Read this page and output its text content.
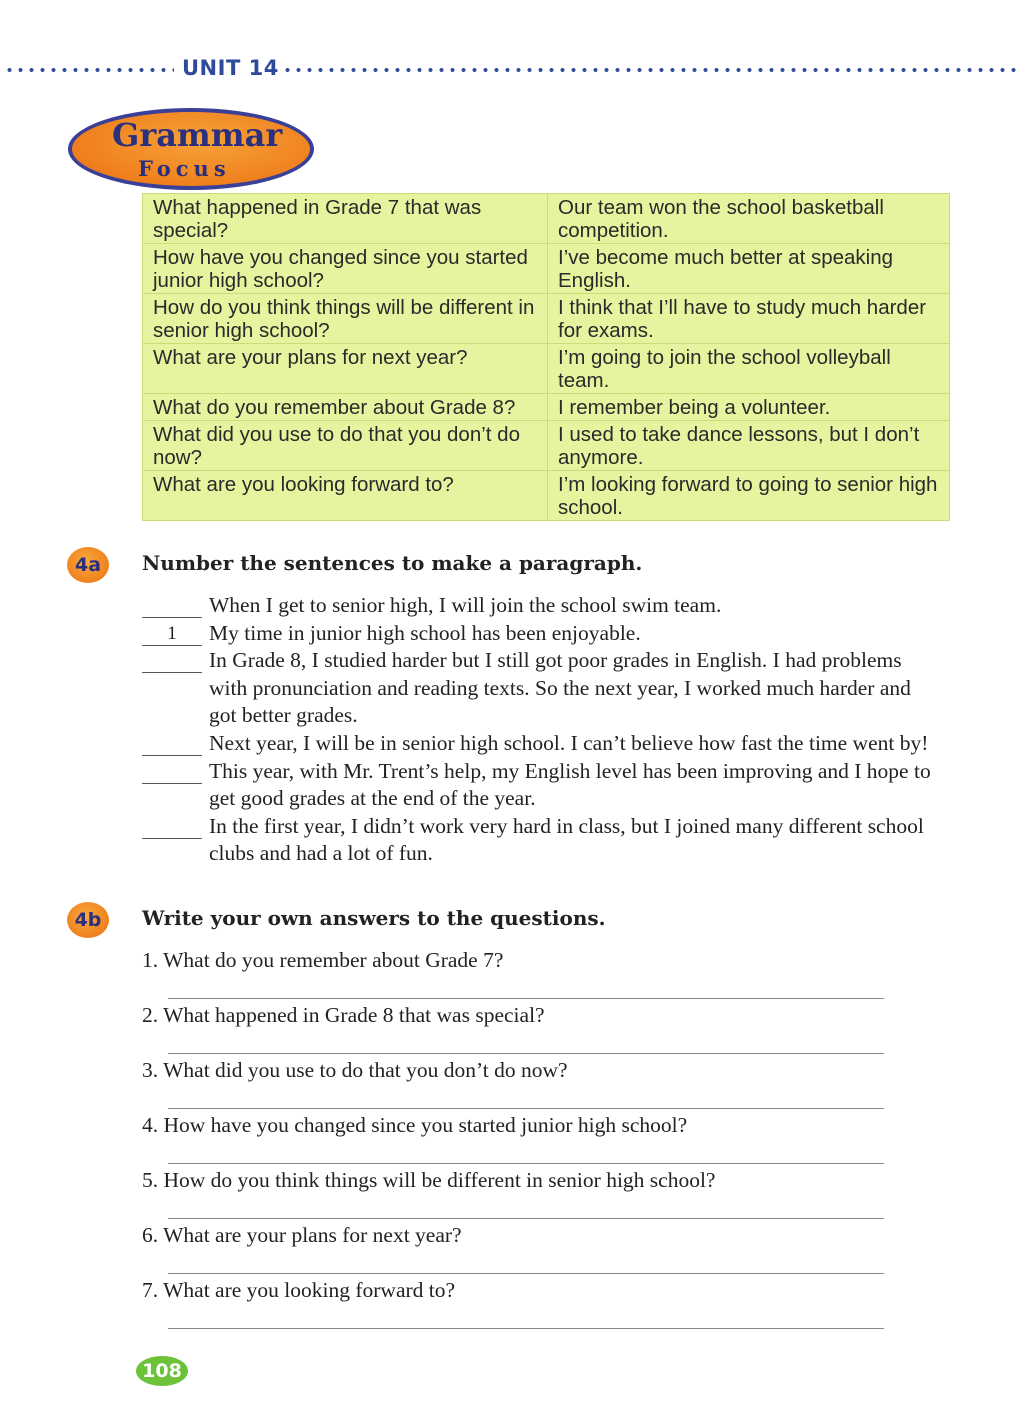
UNIT 14
Grammar
Focus
What happened in Grade 7 that was special?	Our team won the school basketball competition.
How have you changed since you started junior high school?	I’ve become much better at speaking English.
How do you think things will be different in senior high school?	I think that I’ll have to study much harder for exams.
What are your plans for next year?	I’m going to join the school volleyball team.
What do you remember about Grade 8?	I remember being a volunteer.
What did you use to do that you don’t do now?	I used to take dance lessons, but I don’t anymore.
What are you looking forward to?	I’m looking forward to going to senior high school.
4a	Number the sentences to make a paragraph.
When I get to senior high, I will join the school swim team.
1	My time in junior high school has been enjoyable.
In Grade 8, I studied harder but I still got poor grades in English. I had problems with pronunciation and reading texts. So the next year, I worked much harder and got better grades.
Next year, I will be in senior high school. I can’t believe how fast the time went by!
This year, with Mr. Trent’s help, my English level has been improving and I hope to get good grades at the end of the year.
In the first year, I didn’t work very hard in class, but I joined many different school clubs and had a lot of fun.
4b	Write your own answers to the questions.
1. What do you remember about Grade 7?
2. What happened in Grade 8 that was special?
3. What did you use to do that you don’t do now?
4. How have you changed since you started junior high school?
5. How do you think things will be different in senior high school?
6. What are your plans for next year?
7. What are you looking forward to?
108
